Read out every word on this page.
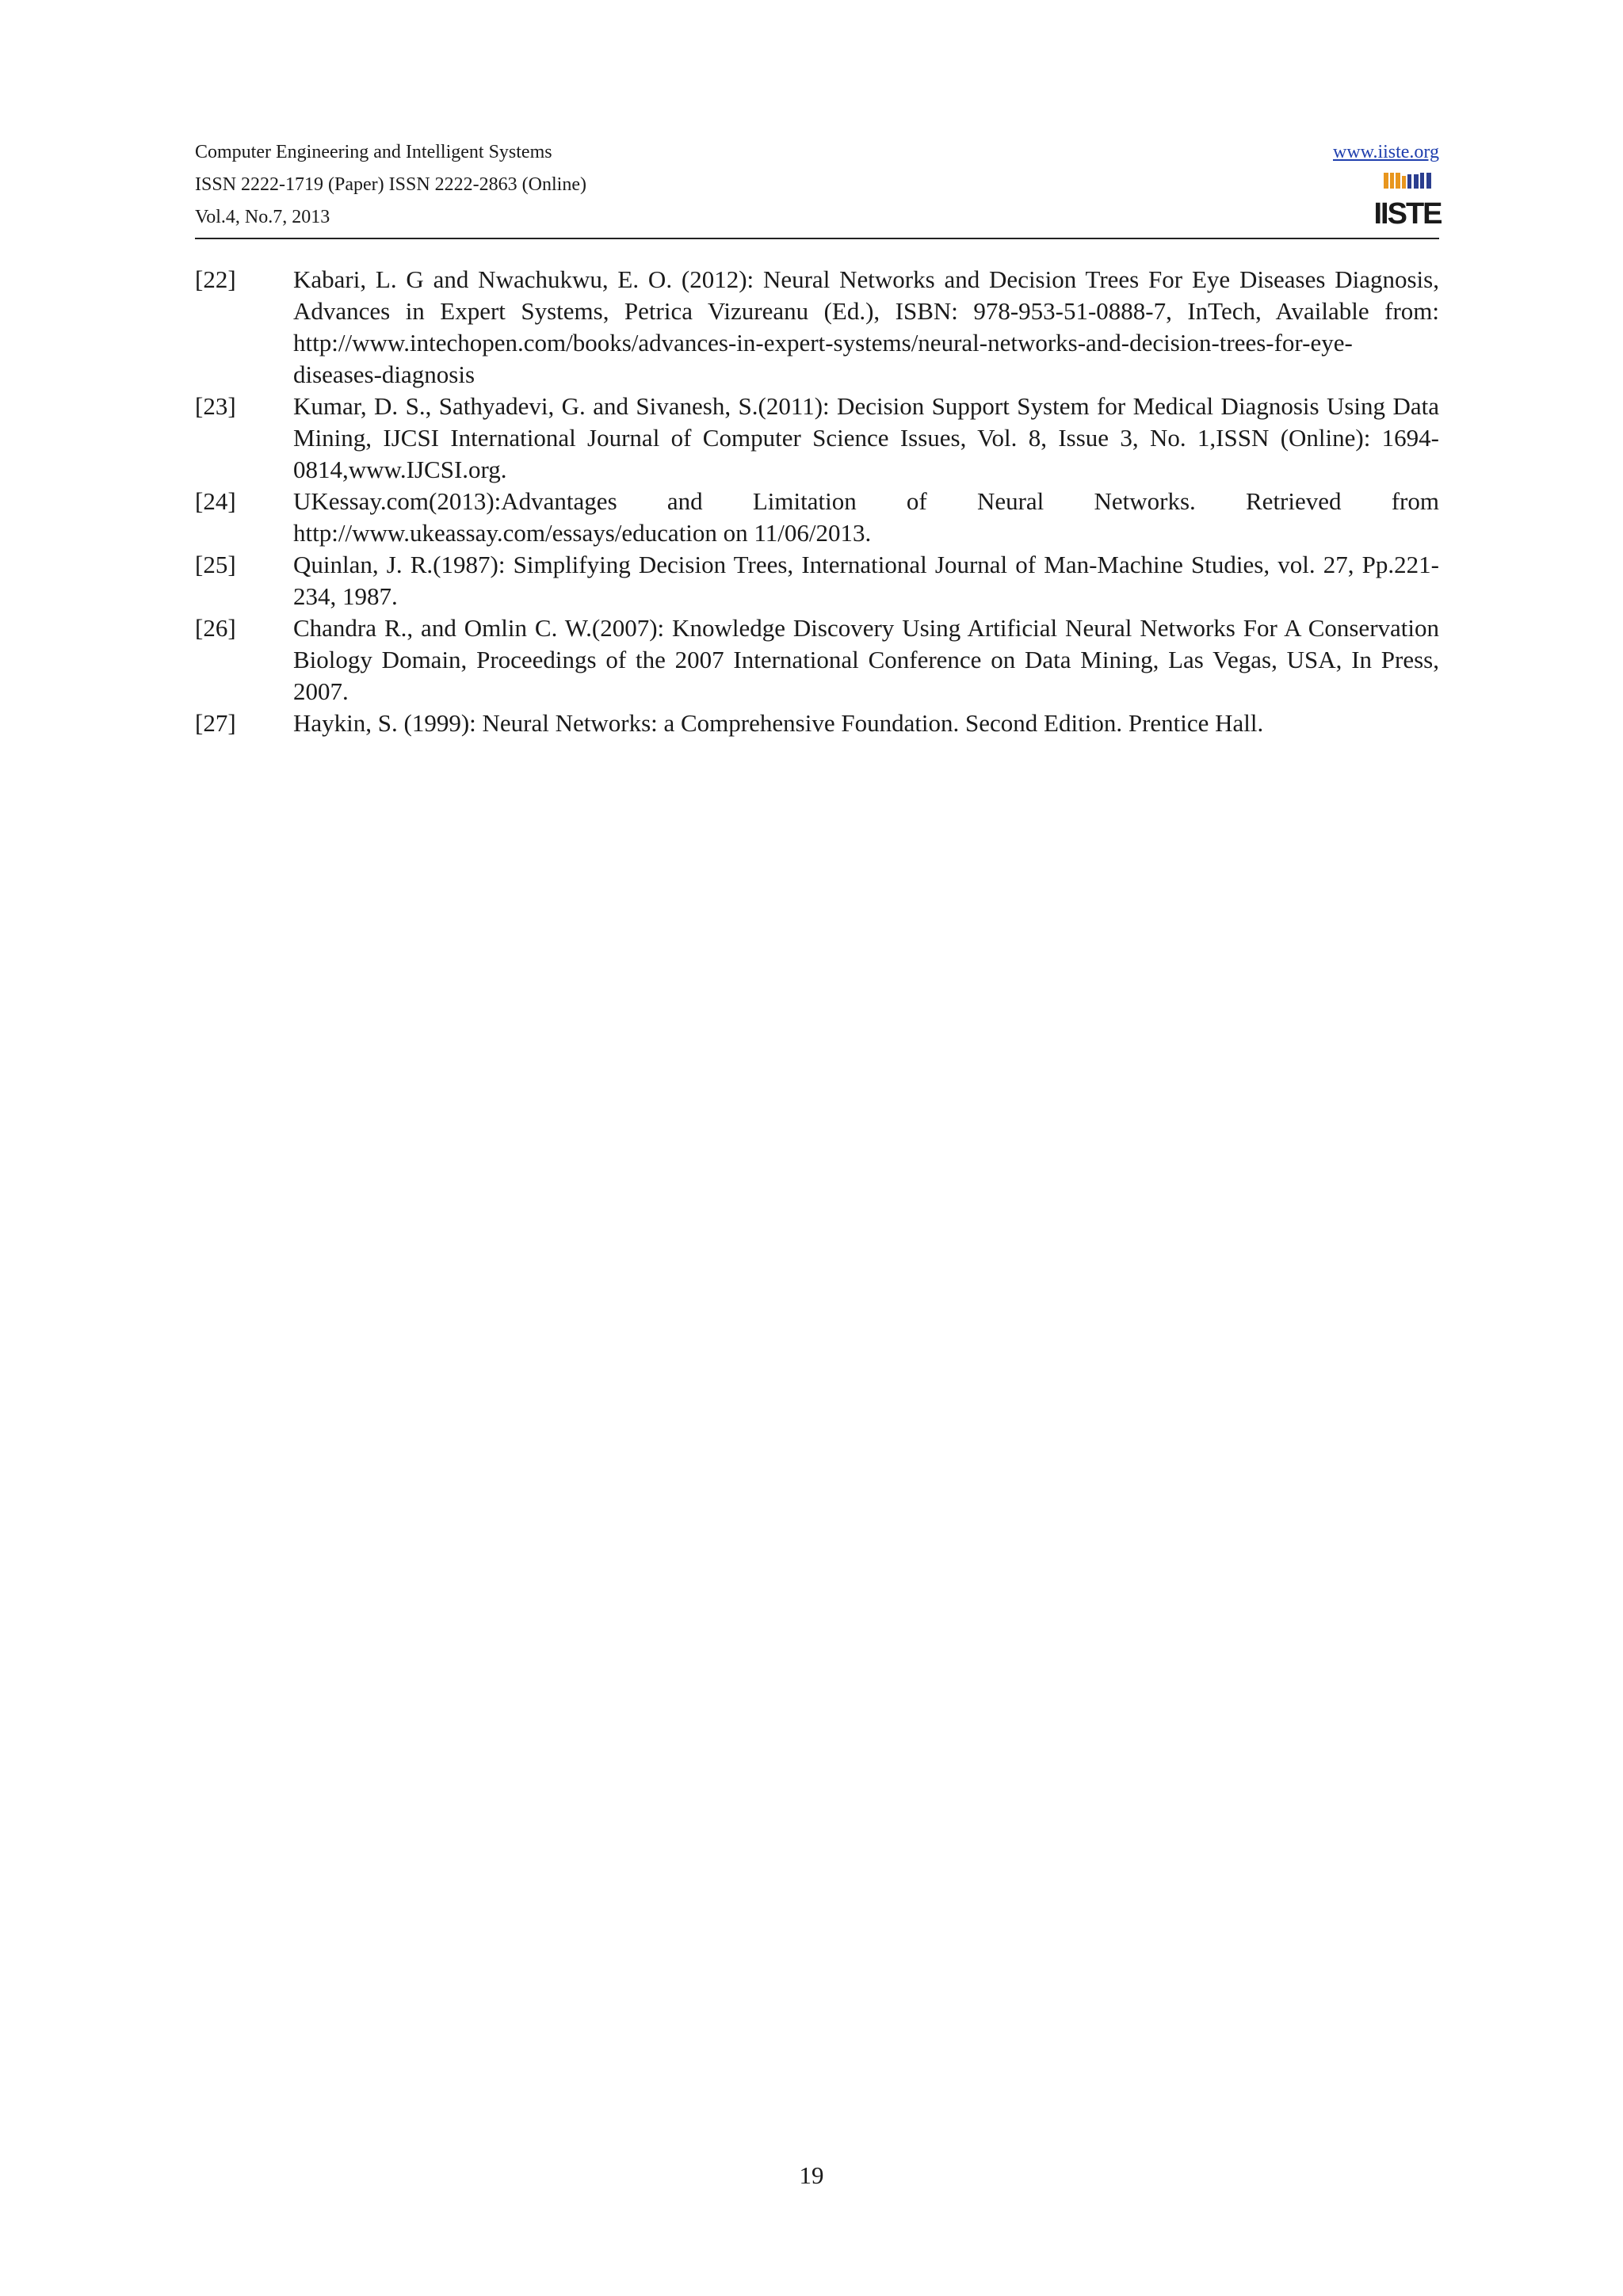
Computer Engineering and Intelligent Systems
ISSN 2222-1719 (Paper) ISSN 2222-2863 (Online)
Vol.4, No.7, 2013
www.iiste.org
IISTE
[22]	Kabari, L. G and Nwachukwu, E. O. (2012): Neural Networks and Decision Trees For Eye Diseases Diagnosis, Advances in Expert Systems, Petrica Vizureanu (Ed.), ISBN: 978-953-51-0888-7, InTech, Available from: http://www.intechopen.com/books/advances-in-expert-systems/neural-networks-and-decision-trees-for-eye-diseases-diagnosis
[23]	Kumar, D. S., Sathyadevi, G. and Sivanesh, S.(2011): Decision Support System for Medical Diagnosis Using Data Mining, IJCSI International Journal of Computer Science Issues, Vol. 8, Issue 3, No. 1,ISSN (Online): 1694-0814,www.IJCSI.org.
[24]	UKessay.com(2013):Advantages and Limitation of Neural Networks. Retrieved from http://www.ukeassay.com/essays/education on 11/06/2013.
[25]	Quinlan, J. R.(1987): Simplifying Decision Trees, International Journal of Man-Machine Studies, vol. 27, Pp.221-234, 1987.
[26]	Chandra R., and Omlin C. W.(2007): Knowledge Discovery Using Artificial Neural Networks For A Conservation Biology Domain, Proceedings of the 2007 International Conference on Data Mining, Las Vegas, USA, In Press, 2007.
[27]	Haykin, S. (1999): Neural Networks: a Comprehensive Foundation. Second Edition. Prentice Hall.
19
